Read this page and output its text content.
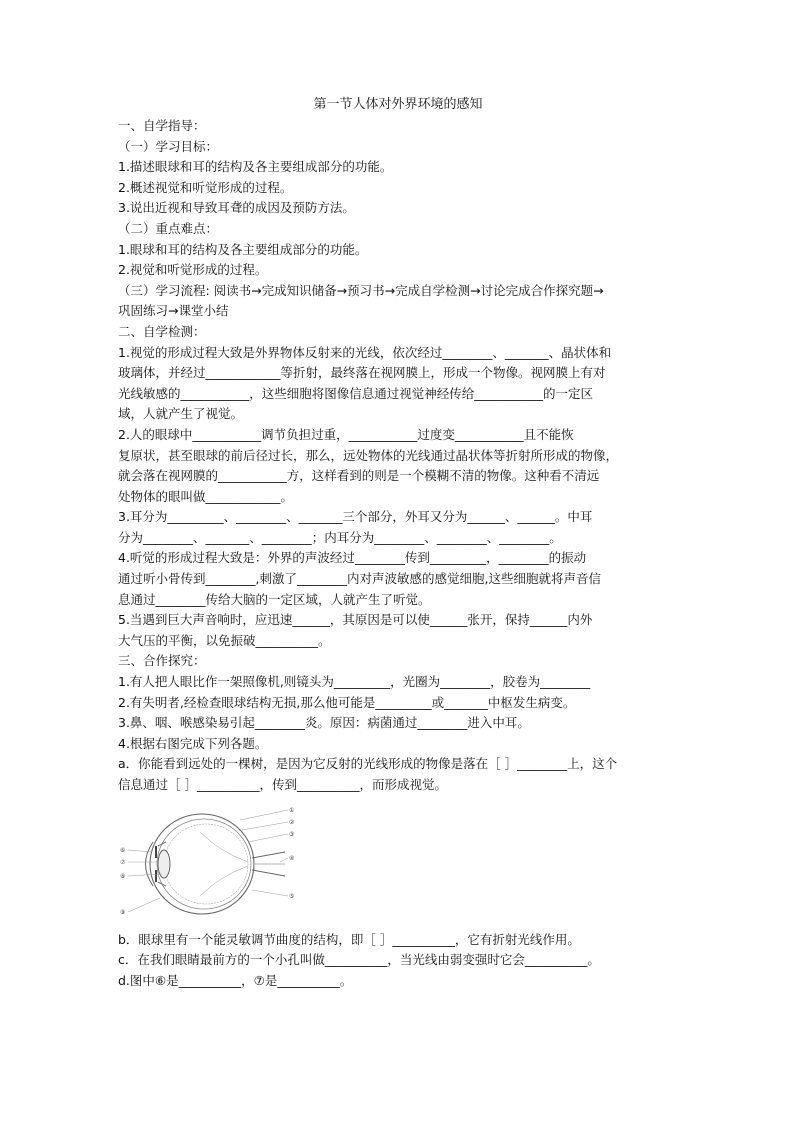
第一节人体对外界环境的感知
一、自学指导：
（一）学习目标：
1.描述眼球和耳的结构及各主要组成部分的功能。
2.概述视觉和听觉形成的过程。
3.说出近视和导致耳聋的成因及预防方法。
（二）重点难点：
1.眼球和耳的结构及各主要组成部分的功能。
2.视觉和听觉形成的过程。
（三）学习流程: 阅读书→完成知识储备→预习书→完成自学检测→讨论完成合作探究题→
巩固练习→课堂小结
二、自学检测：
1.视觉的形成过程大致是外界物体反射来的光线，依次经过________、_______、晶状体和
玻璃体，并经过____________等折射，最终落在视网膜上，形成一个物像。视网膜上有对
光线敏感的___________，这些细胞将图像信息通过视觉神经传给___________的一定区
域，人就产生了视觉。
2.人的眼球中___________调节负担过重，___________过度变___________且不能恢
复原状，甚至眼球的前后径过长，那么，远处物体的光线通过晶状体等折射所形成的物像，
就会落在视网膜的___________方，这样看到的则是一个模糊不清的物像。这种看不清远
处物体的眼叫做____________。
3.耳分为_________、________、_______三个部分，外耳又分为______、______。中耳
分为________、_______、________；内耳分为________、________、________。
4.听觉的形成过程大致是：外界的声波经过________传到_________，________的振动
通过听小骨传到________,刺激了________内对声波敏感的感觉细胞,这些细胞就将声音信
息通过________传给大脑的一定区域，人就产生了听觉。
5.当遇到巨大声音响时，应迅速______，其原因是可以使______张开，保持______内外
大气压的平衡，以免振破__________。
三、合作探究：
1.有人把人眼比作一架照像机,则镜头为_________，光圈为________，胶卷为________
2.有失明者,经检查眼球结构无损,那么他可能是_________或_______中枢发生病变。
3.鼻、咽、喉感染易引起________炎。原因：病菌通过________进入中耳。
4.根据右图完成下列各题。
a．你能看到远处的一棵树，是因为它反射的光线形成的物像是落在［ ］________上，这个
信息通过［ ］__________，传到__________，而形成视觉。
①
②
③
④
⑤
⑥
⑦
⑧
⑨
b．眼球里有一个能灵敏调节曲度的结构，即［ ］__________，它有折射光线作用。
c．在我们眼睛最前方的一个小孔叫做__________，当光线由弱变强时它会__________。
d.图中⑥是__________，⑦是__________。
